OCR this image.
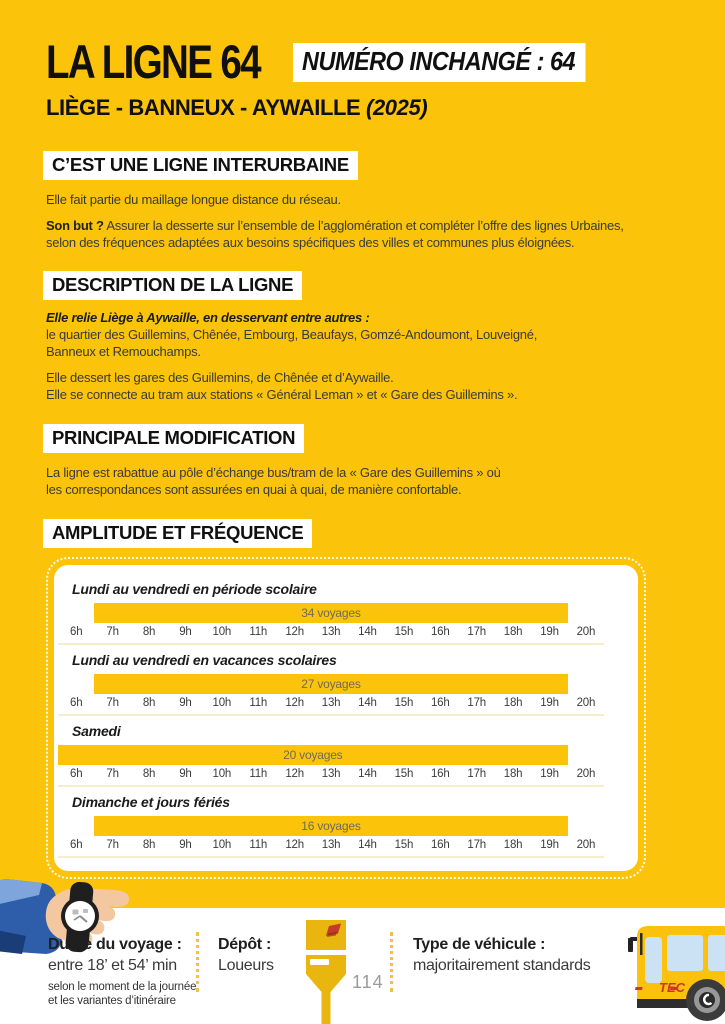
LA LIGNE 64	NUMÉRO INCHANGÉ : 64
LIÈGE - BANNEUX - AYWAILLE (2025)
C’EST UNE LIGNE INTERURBAINE
Elle fait partie du maillage longue distance du réseau.
Son but ? Assurer la desserte sur l’ensemble de l’agglomération et compléter l’offre des lignes Urbaines,
selon des fréquences adaptées aux besoins spécifiques des villes et communes plus éloignées.
DESCRIPTION DE LA LIGNE
Elle relie Liège à Aywaille, en desservant entre autres :
le quartier des Guillemins, Chênée, Embourg, Beaufays, Gomzé-Andoumont, Louveigné,
Banneux et Remouchamps.
Elle dessert les gares des Guillemins, de Chênée et d’Aywaille.
Elle se connecte au tram aux stations « Général Leman » et « Gare des Guillemins ».
PRINCIPALE MODIFICATION
La ligne est rabattue au pôle d’échange bus/tram de la « Gare des Guillemins » où
les correspondances sont assurées en quai à quai, de manière confortable.
AMPLITUDE ET FRÉQUENCE
Lundi au vendredi en période scolaire
34 voyages
6h	7h	8h	9h	10h	11h	12h	13h	14h	15h	16h	17h	18h	19h	20h
Lundi au vendredi en vacances scolaires
27 voyages
6h	7h	8h	9h	10h	11h	12h	13h	14h	15h	16h	17h	18h	19h	20h
Samedi
20 voyages
6h	7h	8h	9h	10h	11h	12h	13h	14h	15h	16h	17h	18h	19h	20h
Dimanche et jours fériés
16 voyages
6h	7h	8h	9h	10h	11h	12h	13h	14h	15h	16h	17h	18h	19h	20h
Durée du voyage :
entre 18’ et 54’ min
selon le moment de la journée
et les variantes d’itinéraire
Dépôt :
Loueurs
114
Type de véhicule :
majoritairement standards
TEC
